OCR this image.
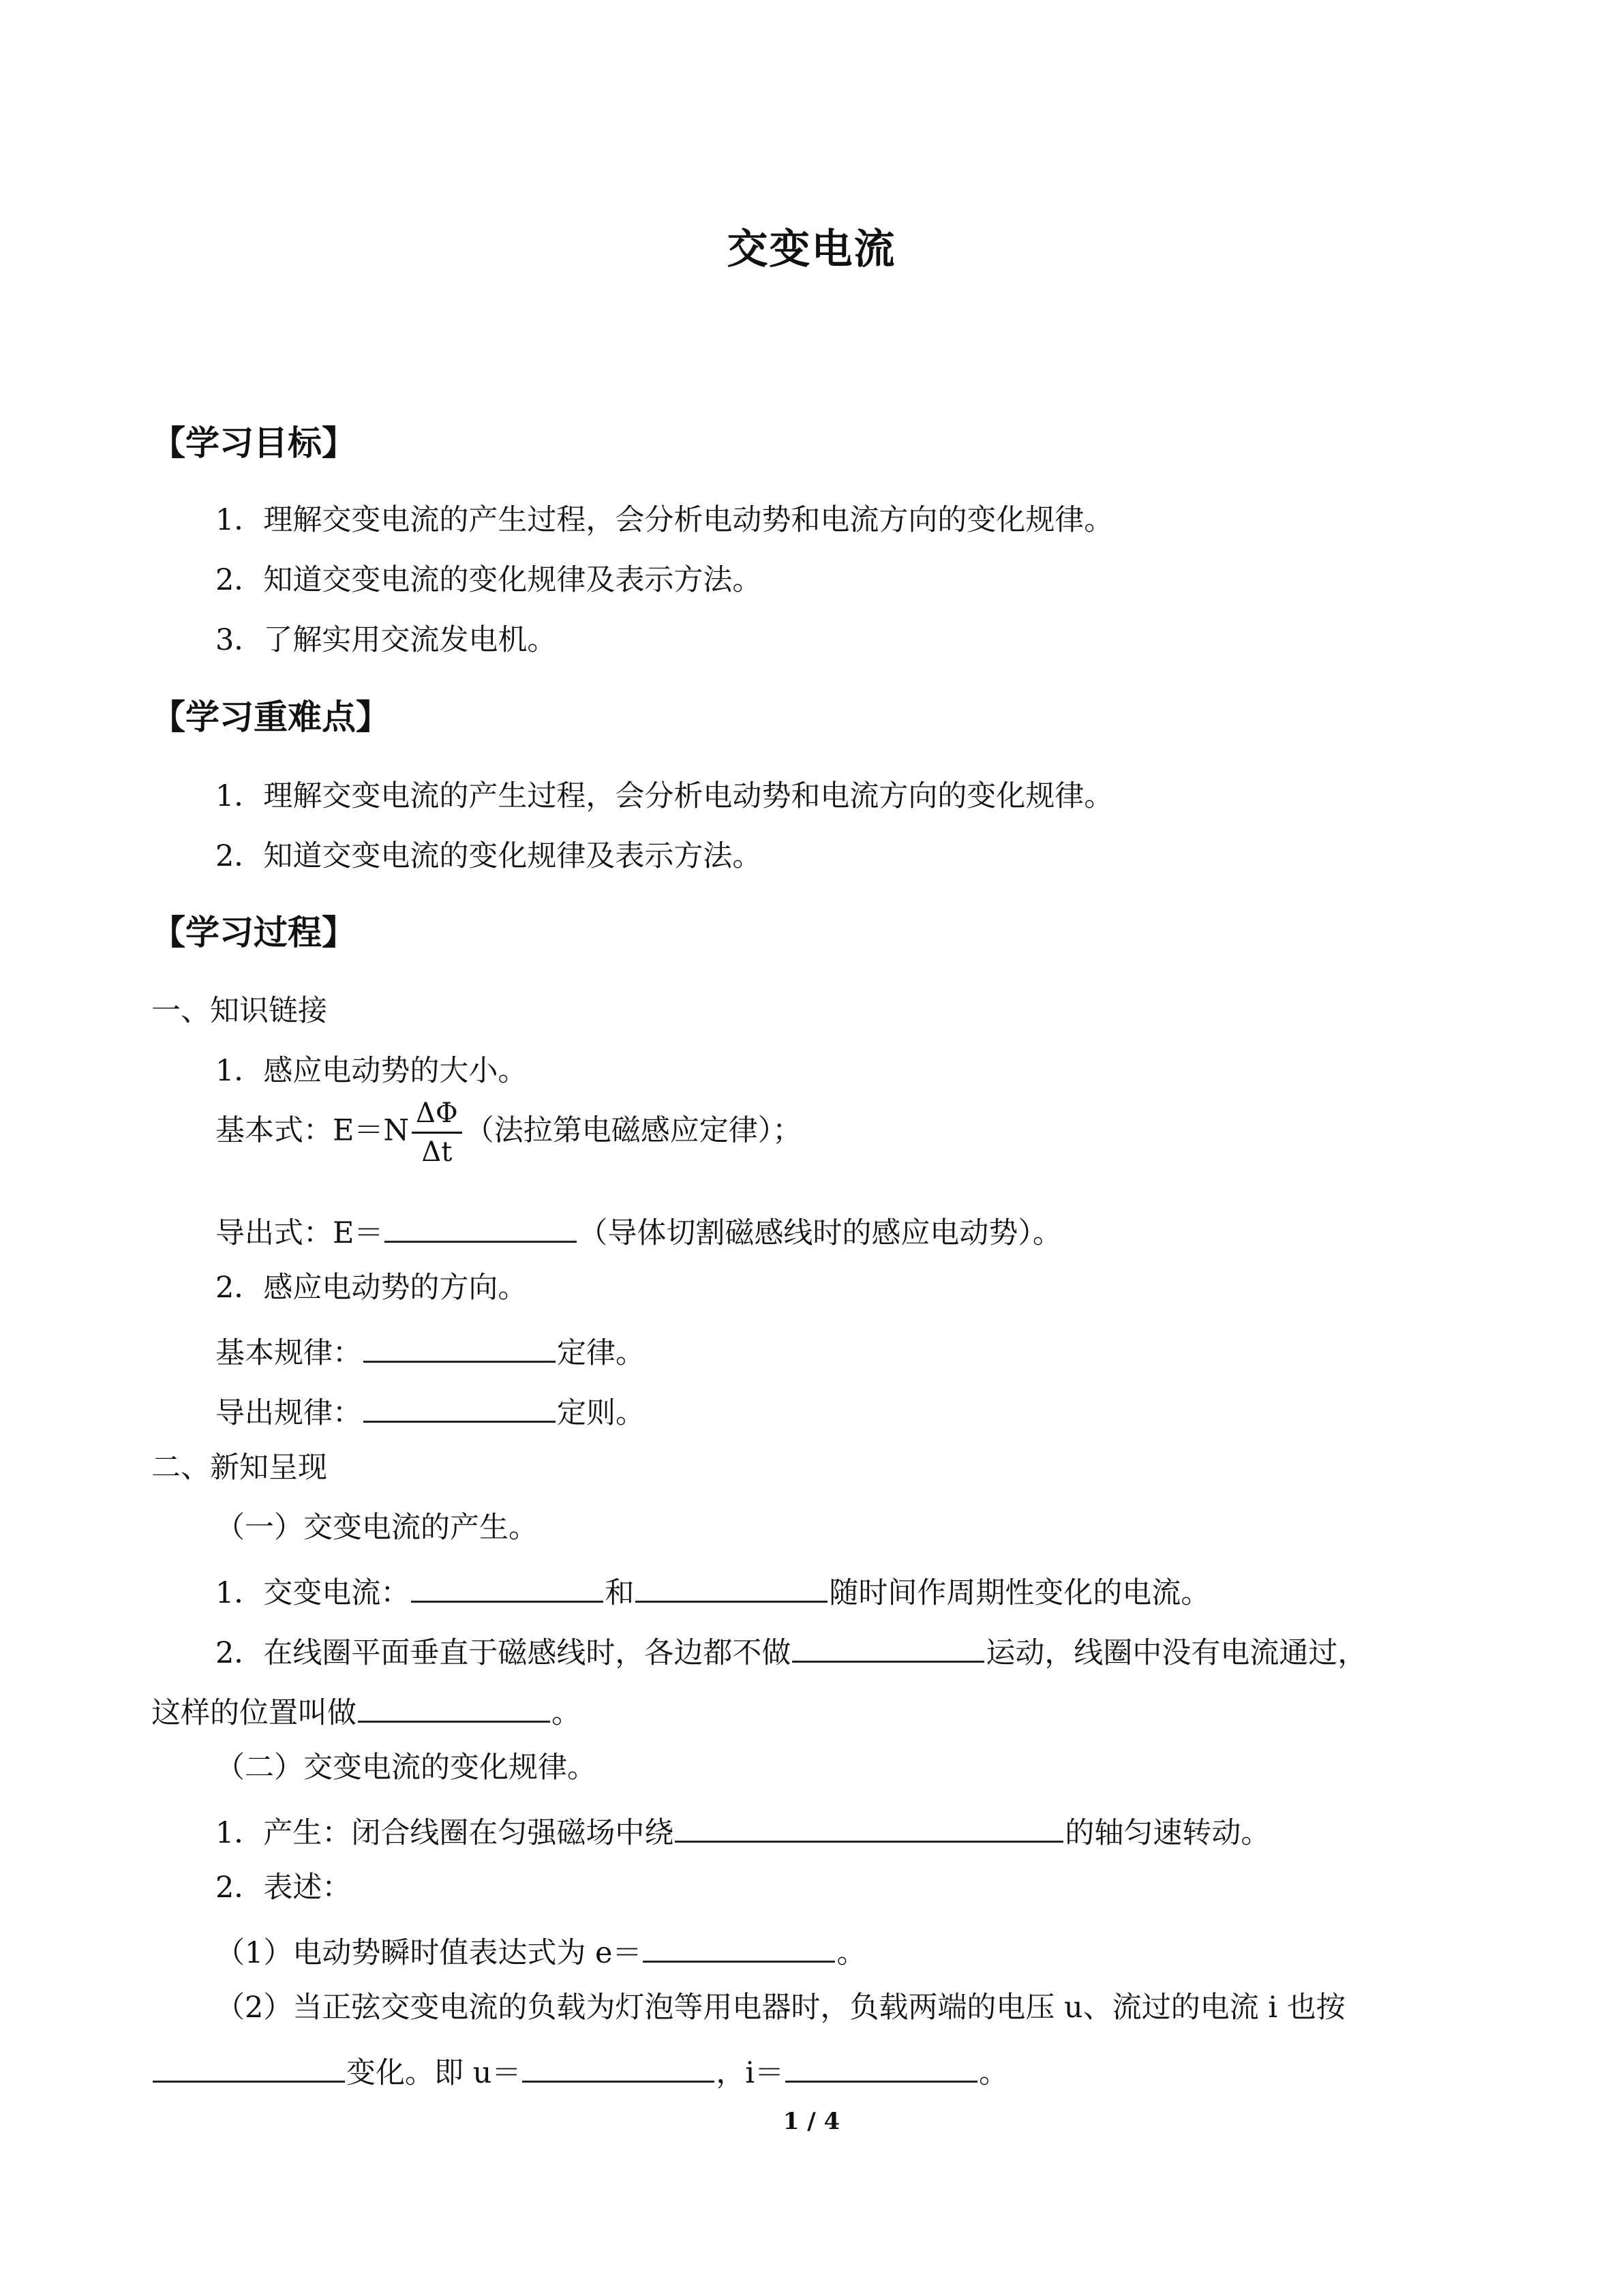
交变电流
【学习目标】
1．理解交变电流的产生过程，会分析电动势和电流方向的变化规律。
2．知道交变电流的变化规律及表示方法。
3．了解实用交流发电机。
【学习重难点】
1．理解交变电流的产生过程，会分析电动势和电流方向的变化规律。
2．知道交变电流的变化规律及表示方法。
【学习过程】
一、知识链接
1．感应电动势的大小。
基本式：$E=N \frac{\Delta\Phi}{\Delta t}$ （法拉第电磁感应定律）；
导出式：E＝	（导体切割磁感线时的感应电动势）。
2．感应电动势的方向。
基本规律：	定律。
导出规律：	定则。
二、新知呈现
（一）交变电流的产生。
1．交变电流：	和	随时间作周期性变化的电流。
2．在线圈平面垂直于磁感线时，各边都不做	运动，线圈中没有电流通过，
这样的位置叫做	。
（二）交变电流的变化规律。
1．产生：闭合线圈在匀强磁场中绕	的轴匀速转动。
2．表述：
（1）电动势瞬时值表达式为 e＝	。
（2）当正弦交变电流的负载为灯泡等用电器时，负载两端的电压 u、流过的电流 i 也按
变化。即 u＝	，i＝	。
1 / 4
